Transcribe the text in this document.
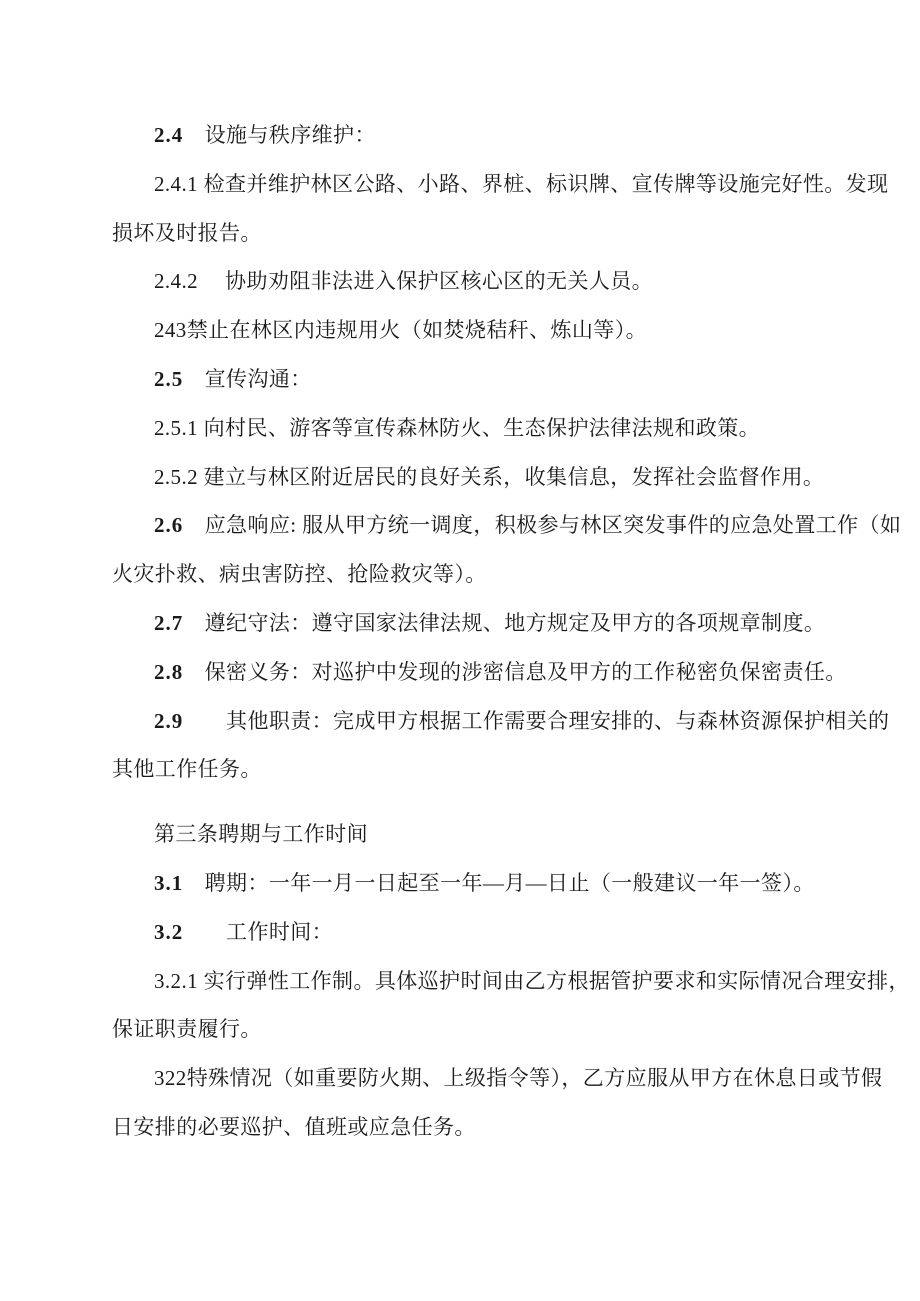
2.4　设施与秩序维护：
2.4.1 检查并维护林区公路、小路、界桩、标识牌、宣传牌等设施完好性。发现
损坏及时报告。
2.4.2　 协助劝阻非法进入保护区核心区的无关人员。
243禁止在林区内违规用火（如焚烧秸秆、炼山等）。
2.5　宣传沟通：
2.5.1 向村民、游客等宣传森林防火、生态保护法律法规和政策。
2.5.2 建立与林区附近居民的良好关系，收集信息，发挥社会监督作用。
2.6　应急响应: 服从甲方统一调度，积极参与林区突发事件的应急处置工作（如
火灾扑救、病虫害防控、抢险救灾等）。
2.7　遵纪守法：遵守国家法律法规、地方规定及甲方的各项规章制度。
2.8　保密义务：对巡护中发现的涉密信息及甲方的工作秘密负保密责任。
2.9　　其他职责：完成甲方根据工作需要合理安排的、与森林资源保护相关的
其他工作任务。
第三条聘期与工作时间
3.1　聘期：一年一月一日起至一年—月—日止（一般建议一年一签）。
3.2　　工作时间：
3.2.1 实行弹性工作制。具体巡护时间由乙方根据管护要求和实际情况合理安排，
保证职责履行。
322特殊情况（如重要防火期、上级指令等），乙方应服从甲方在休息日或节假
日安排的必要巡护、值班或应急任务。
